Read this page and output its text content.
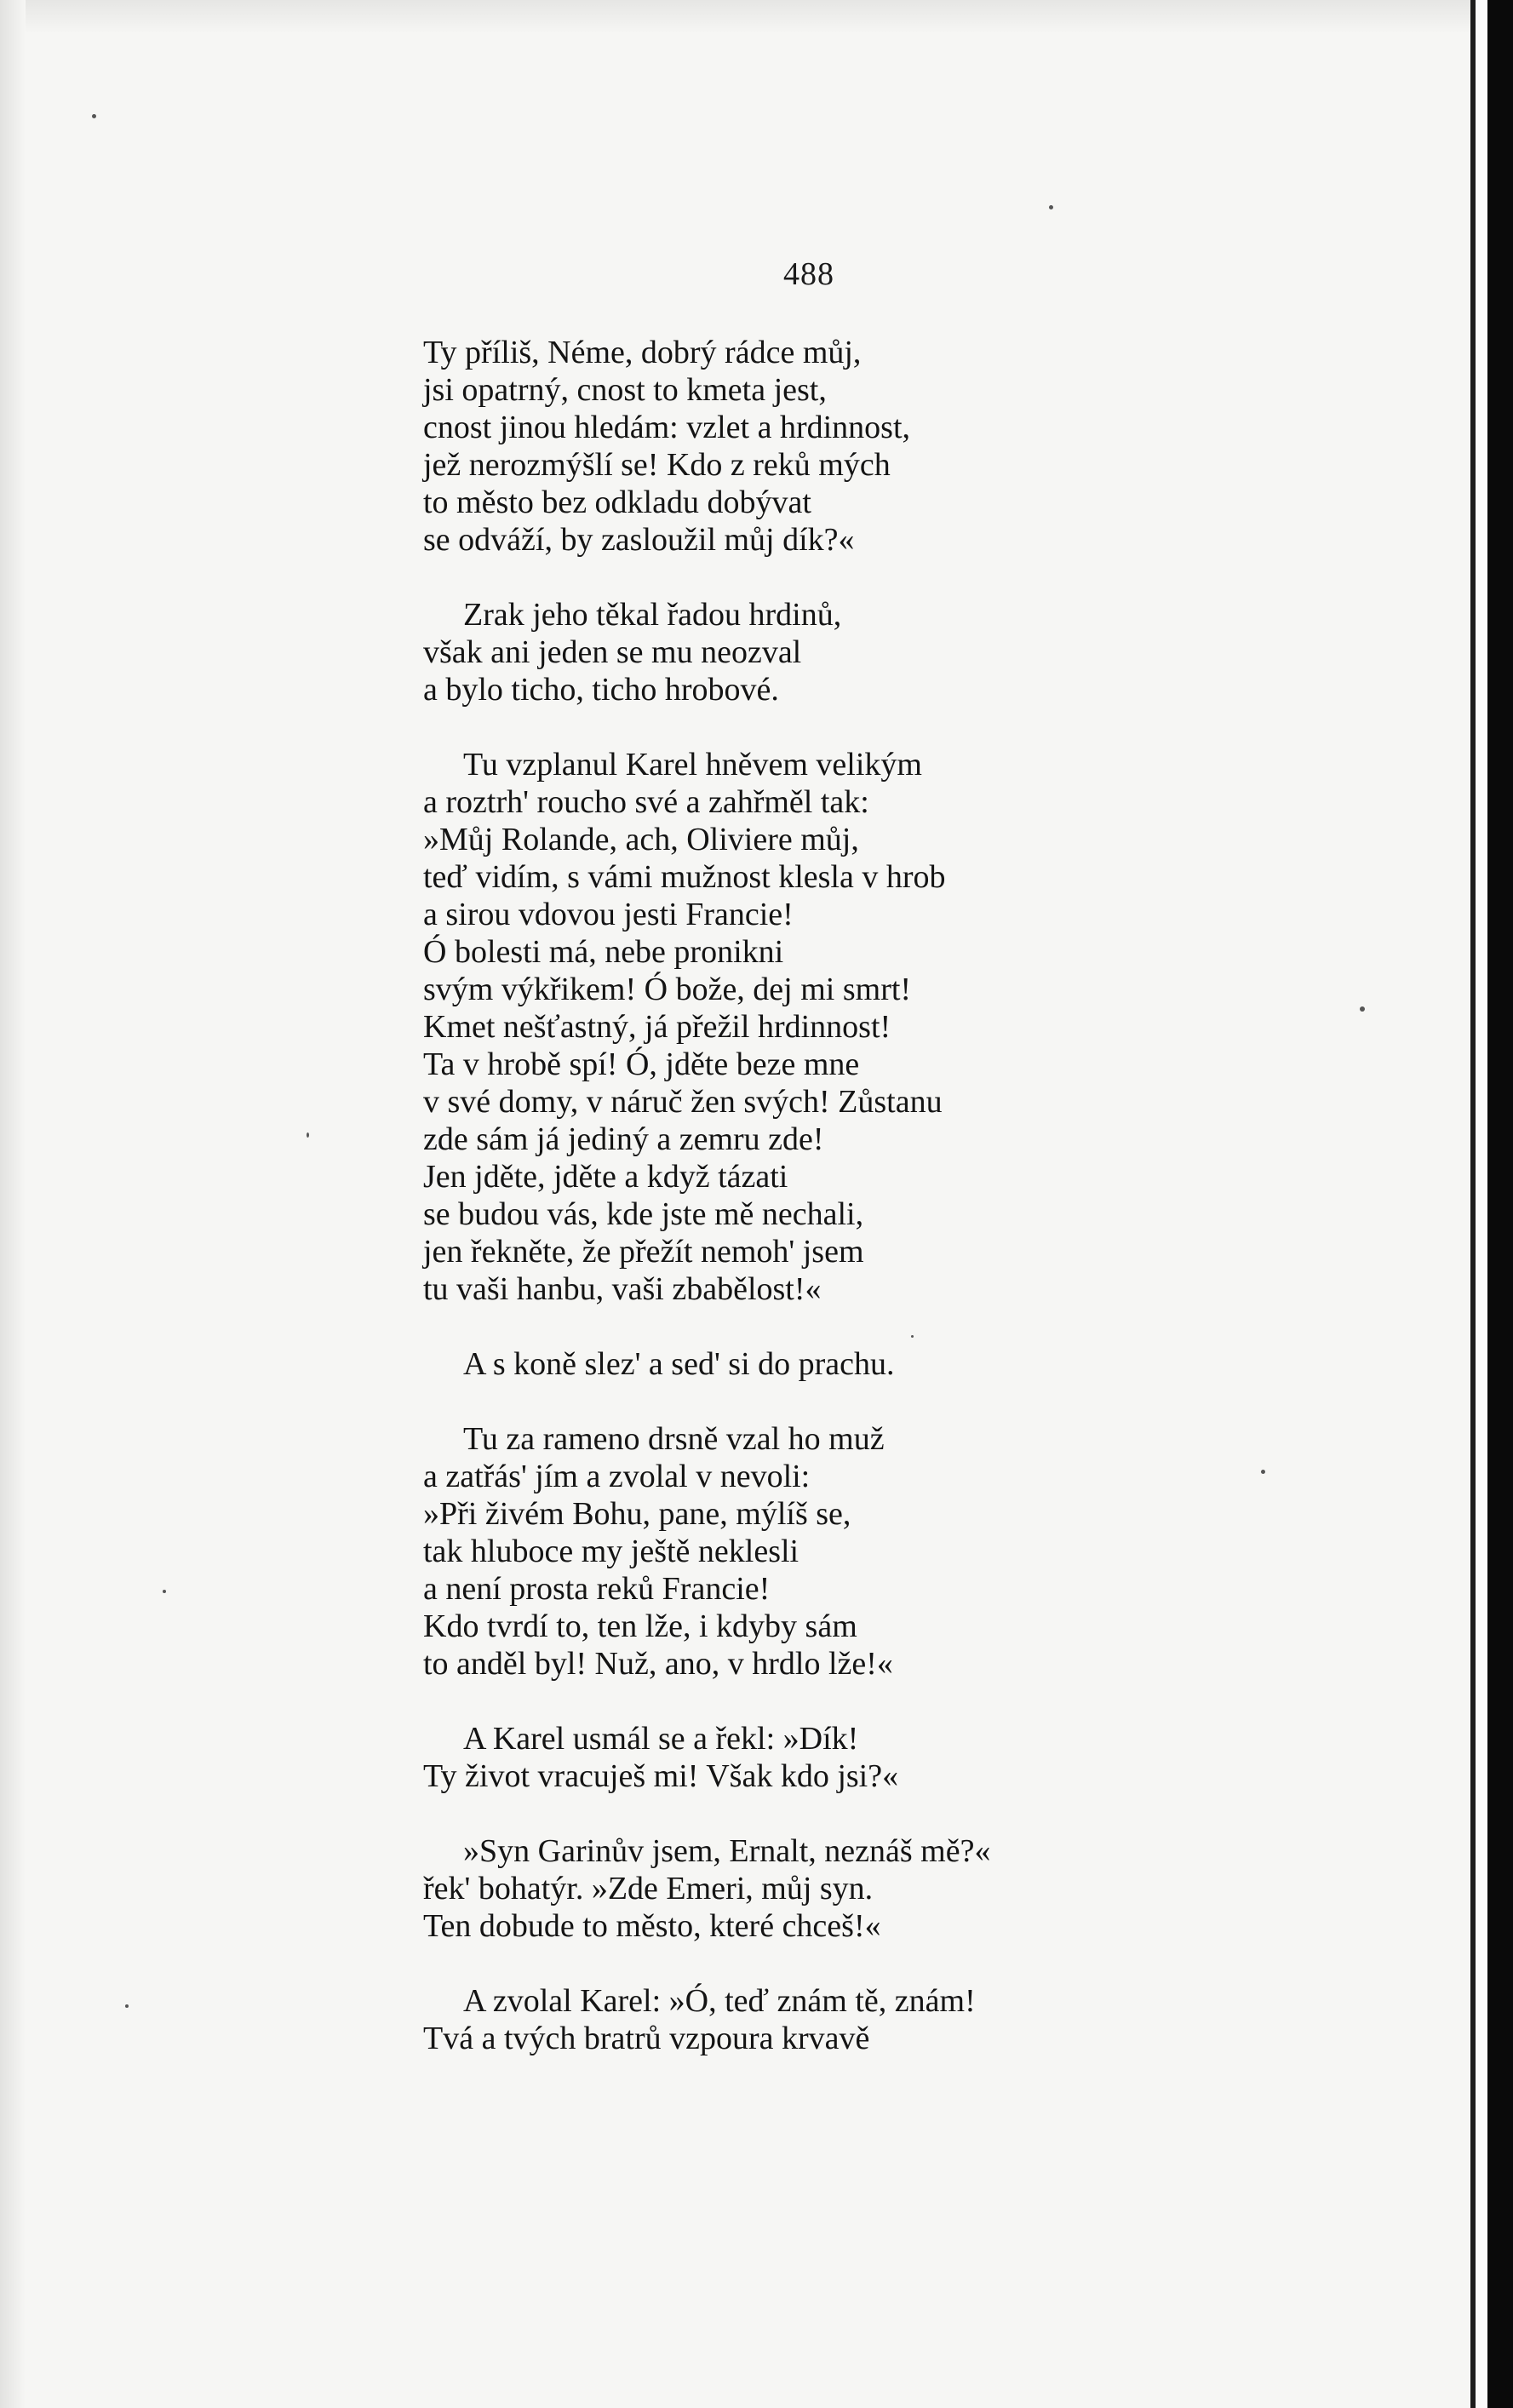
488
Ty příliš, Néme, dobrý rádce můj,
jsi opatrný, cnost to kmeta jest,
cnost jinou hledám: vzlet a hrdinnost,
jež nerozmýšlí se! Kdo z reků mých
to město bez odkladu dobývat
se odváží, by zasloužil můj dík?«
Zrak jeho těkal řadou hrdinů,
však ani jeden se mu neozval
a bylo ticho, ticho hrobové.
Tu vzplanul Karel hněvem velikým
a roztrh' roucho své a zahřměl tak:
»Můj Rolande, ach, Oliviere můj,
teď vidím, s vámi mužnost klesla v hrob
a sirou vdovou jesti Francie!
Ó bolesti má, nebe pronikni
svým výkřikem! Ó bože, dej mi smrt!
Kmet nešťastný, já přežil hrdinnost!
Ta v hrobě spí! Ó, jděte beze mne
v své domy, v náruč žen svých! Zůstanu
zde sám já jediný a zemru zde!
Jen jděte, jděte a když tázati
se budou vás, kde jste mě nechali,
jen řekněte, že přežít nemoh' jsem
tu vaši hanbu, vaši zbabělost!«
A s koně slez' a sed' si do prachu.
Tu za rameno drsně vzal ho muž
a zatřás' jím a zvolal v nevoli:
»Při živém Bohu, pane, mýlíš se,
tak hluboce my ještě neklesli
a není prosta reků Francie!
Kdo tvrdí to, ten lže, i kdyby sám
to anděl byl! Nuž, ano, v hrdlo lže!«
A Karel usmál se a řekl: »Dík!
Ty život vracuješ mi! Však kdo jsi?«
»Syn Garinův jsem, Ernalt, neznáš mě?«
řek' bohatýr. »Zde Emeri, můj syn.
Ten dobude to město, které chceš!«
A zvolal Karel: »Ó, teď znám tě, znám!
Tvá a tvých bratrů vzpoura krvavě
